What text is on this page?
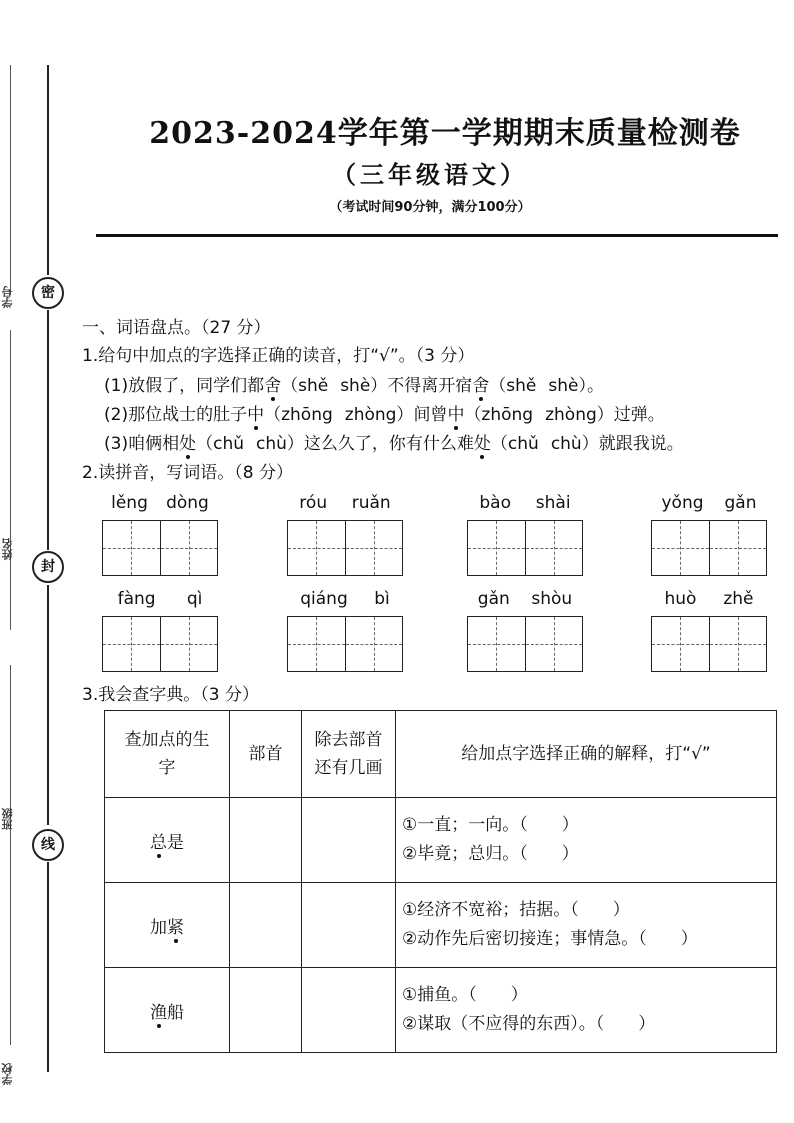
密
封
线
学号
姓名
班级
学校
2023-2024学年第一学期期末质量检测卷
（三年级语文）
（考试时间90分钟，满分100分）
一、词语盘点。（27 分）
1.给句中加点的字选择正确的读音，打“√”。（3 分）
(1)放假了，同学们都舍（shě shè）不得离开宿舍（shě shè）。
(2)那位战士的肚子中（zhōng zhòng）间曾中（zhōng zhòng）过弹。
(3)咱俩相处（chǔ chù）这么久了，你有什么难处（chǔ chù）就跟我说。
2.读拼音，写词语。（8 分）
lěng dòng	róu ruǎn	bào shài	yǒng gǎn
fàng qì	qiáng bì	gǎn shòu	huò zhě
3.我会查字典。（3 分）
查加点的生字	部首	除去部首还有几画	给加点字选择正确的解释，打“√”
总是			①一直；一向。（　　）
②毕竟；总归。（　　）

加紧			①经济不宽裕；拮据。（　　）
②动作先后密切接连；事情急。（　　）

渔船			①捕鱼。（　　）
②谋取（不应得的东西）。（　　）
